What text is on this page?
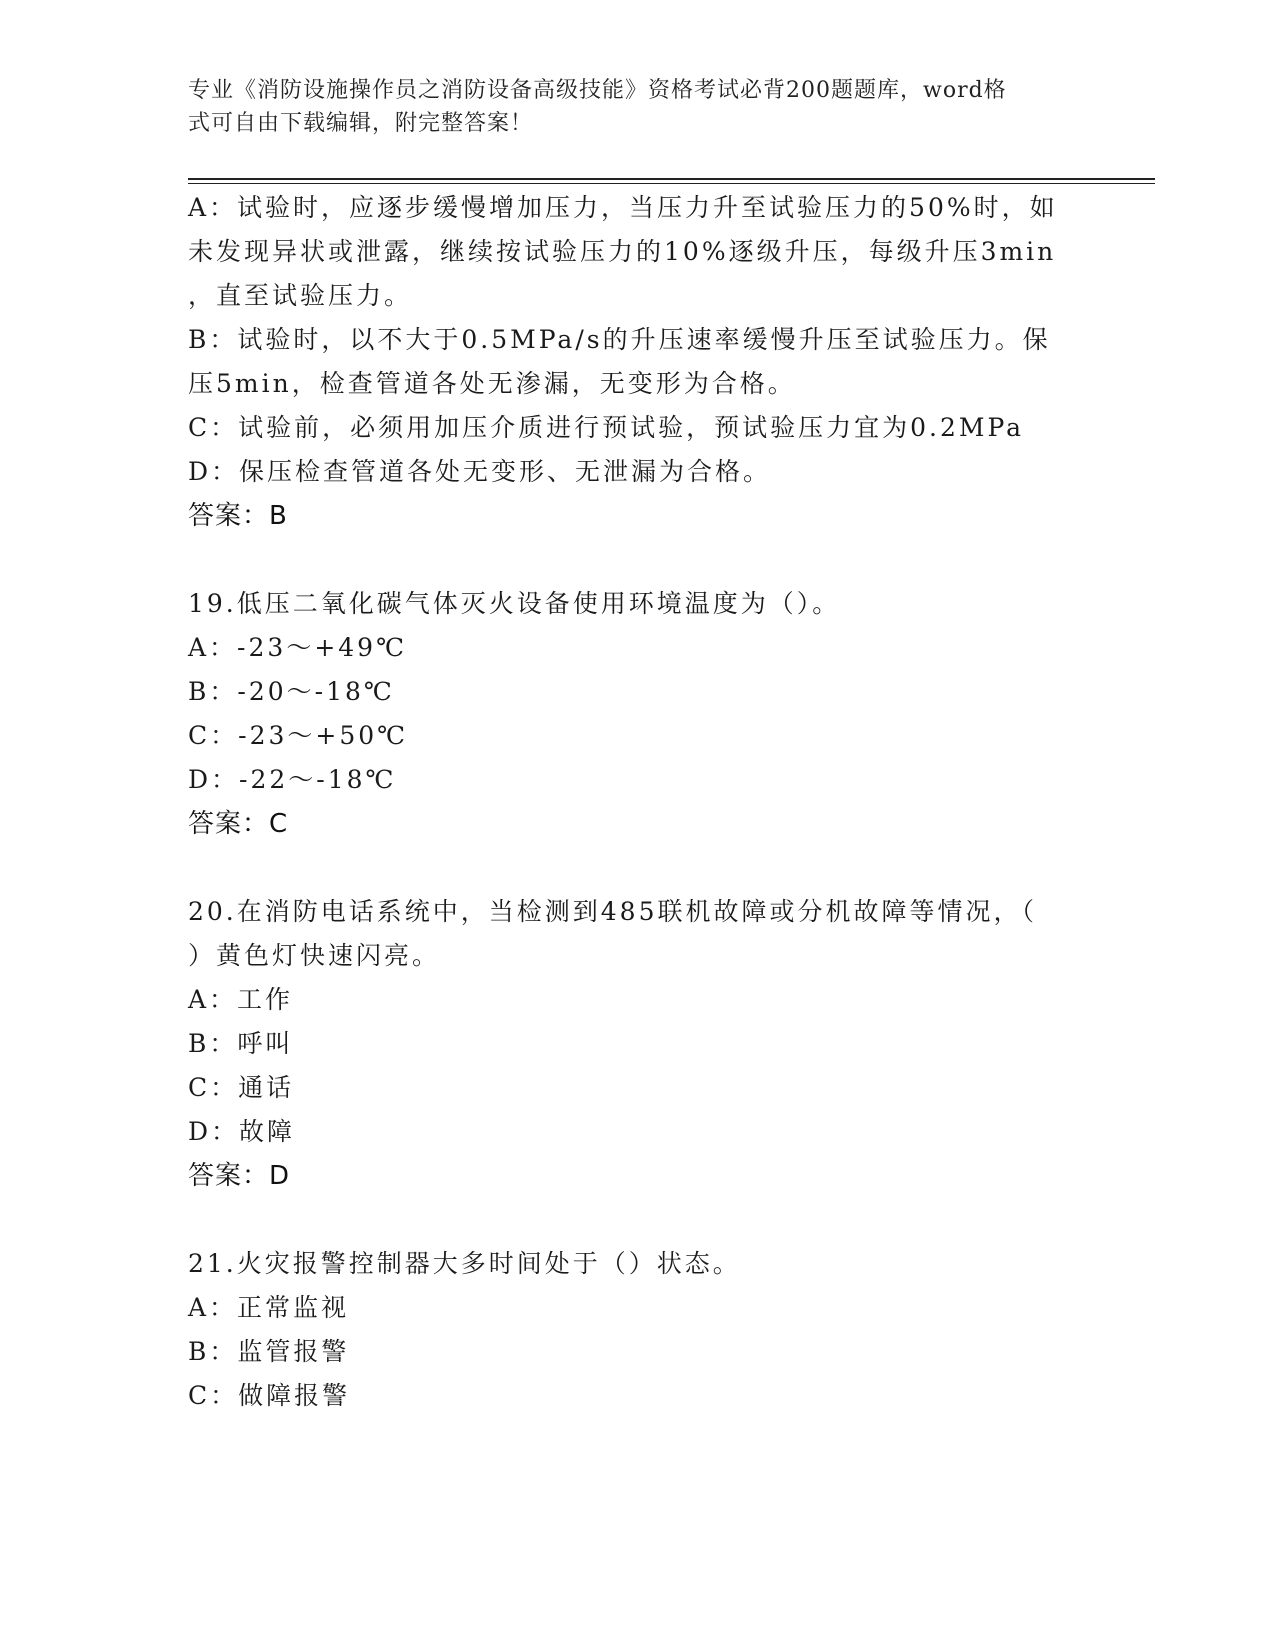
专业《消防设施操作员之消防设备高级技能》资格考试必背200题题库，word格
式可自由下载编辑，附完整答案！
A：试验时，应逐步缓慢增加压力，当压力升至试验压力的50%时，如
未发现异状或泄露，继续按试验压力的10%逐级升压，每级升压3min
，直至试验压力。
B：试验时，以不大于0.5MPa/s的升压速率缓慢升压至试验压力。保
压5min，检查管道各处无渗漏，无变形为合格。
C：试验前，必须用加压介质进行预试验，预试验压力宜为0.2MPa
D：保压检查管道各处无变形、无泄漏为合格。
答案：B
19.低压二氧化碳气体灭火设备使用环境温度为（）。
A：-23～+49℃
B：-20～-18℃
C：-23～+50℃
D：-22～-18℃
答案：C
20.在消防电话系统中，当检测到485联机故障或分机故障等情况，（
）黄色灯快速闪亮。
A：工作
B：呼叫
C：通话
D：故障
答案：D
21.火灾报警控制器大多时间处于（）状态。
A：正常监视
B：监管报警
C：做障报警
